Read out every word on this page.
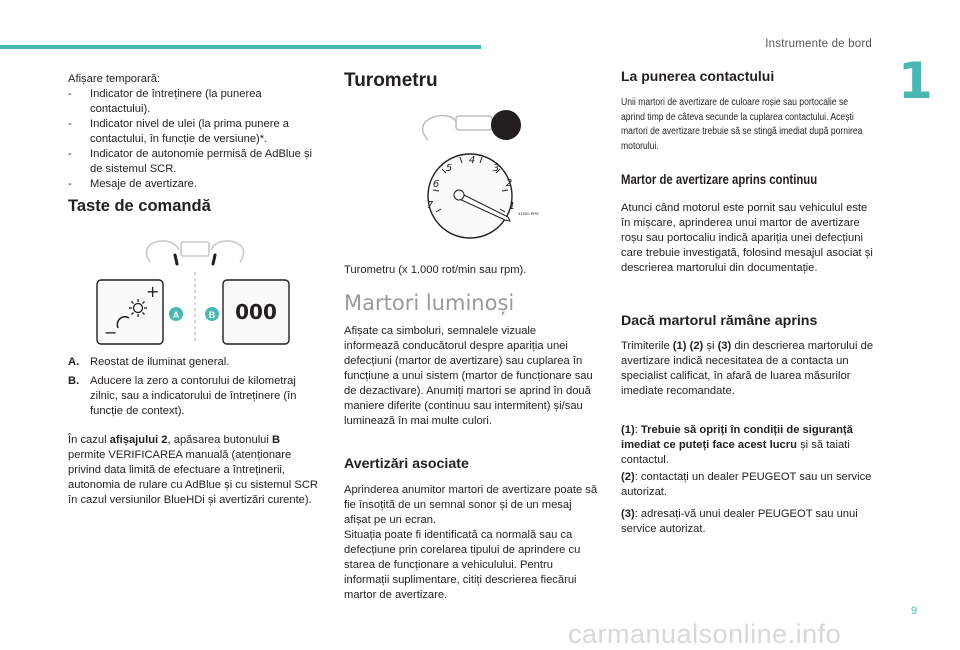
Instrumente de bord
1

Afișare temporară:

- Indicator de întreținere (la punerea contactului).
- Indicator nivel de ulei (la prima punere a contactului, în funcție de versiune)*.
- Indicator de autonomie permisă de AdBlue și de sistemul SCR.
- Mesaje de avertizare.
Taste de comandă
+
−
A	B 000
A. Reostat de iluminat general.
B. Aducere la zero a contorului de kilometraj zilnic, sau a indicatorului de întreținere (în funcție de context).

În cazul afișajului 2, apăsarea butonului B permite VERIFICAREA manuală (atenționare privind data limită de efectuare a întreținerii, autonomia de rulare cu AdBlue și cu sistemul SCR în cazul versiunilor BlueHDi și avertizări curente).

Turometru
1
2
3
4
5
6
7
X1000 RPM

Turometru (x 1.000 rot/min sau rpm).

Martori luminoși

Afișate ca simboluri, semnalele vizuale informează conducătorul despre apariția unei defecțiuni (martor de avertizare) sau cuplarea în funcțiune a unui sistem (martor de funcționare sau de dezactivare). Anumiți martori se aprind în două maniere diferite (continuu sau intermitent) și/sau luminează în mai multe culori.

Avertizări asociate

Aprinderea anumitor martori de avertizare poate să fie însoțită de un semnal sonor și de un mesaj afișat pe un ecran.

Situația poate fi identificată ca normală sau ca defecțiune prin corelarea tipului de aprindere cu starea de funcționare a vehiculului. Pentru informații suplimentare, citiți descrierea fiecărui martor de avertizare.

La punerea contactului

Unii martori de avertizare de culoare roșie sau portocalie se aprind timp de câteva secunde la cuplarea contactului. Acești martori de avertizare trebuie să se stingă imediat după pornirea motorului.

Martor de avertizare aprins continuu

Atunci când motorul este pornit sau vehiculul este în mișcare, aprinderea unui martor de avertizare roșu sau portocaliu indică apariția unei defecțiuni care trebuie investigată, folosind mesajul asociat și descrierea martorului din documentație.

Dacă martorul rămâne aprins

Trimiterile (1) (2) și (3) din descrierea martorului de avertizare indică necesitatea de a contacta un specialist calificat, în afară de luarea măsurilor imediate recomandate.

(1): Trebuie să opriți în condiții de siguranță imediat ce puteți face acest lucru și să taiati contactul.

(2): contactați un dealer PEUGEOT sau un service autorizat.

(3): adresați-vă unui dealer PEUGEOT sau unui service autorizat.

9
carmanualsonline.info
